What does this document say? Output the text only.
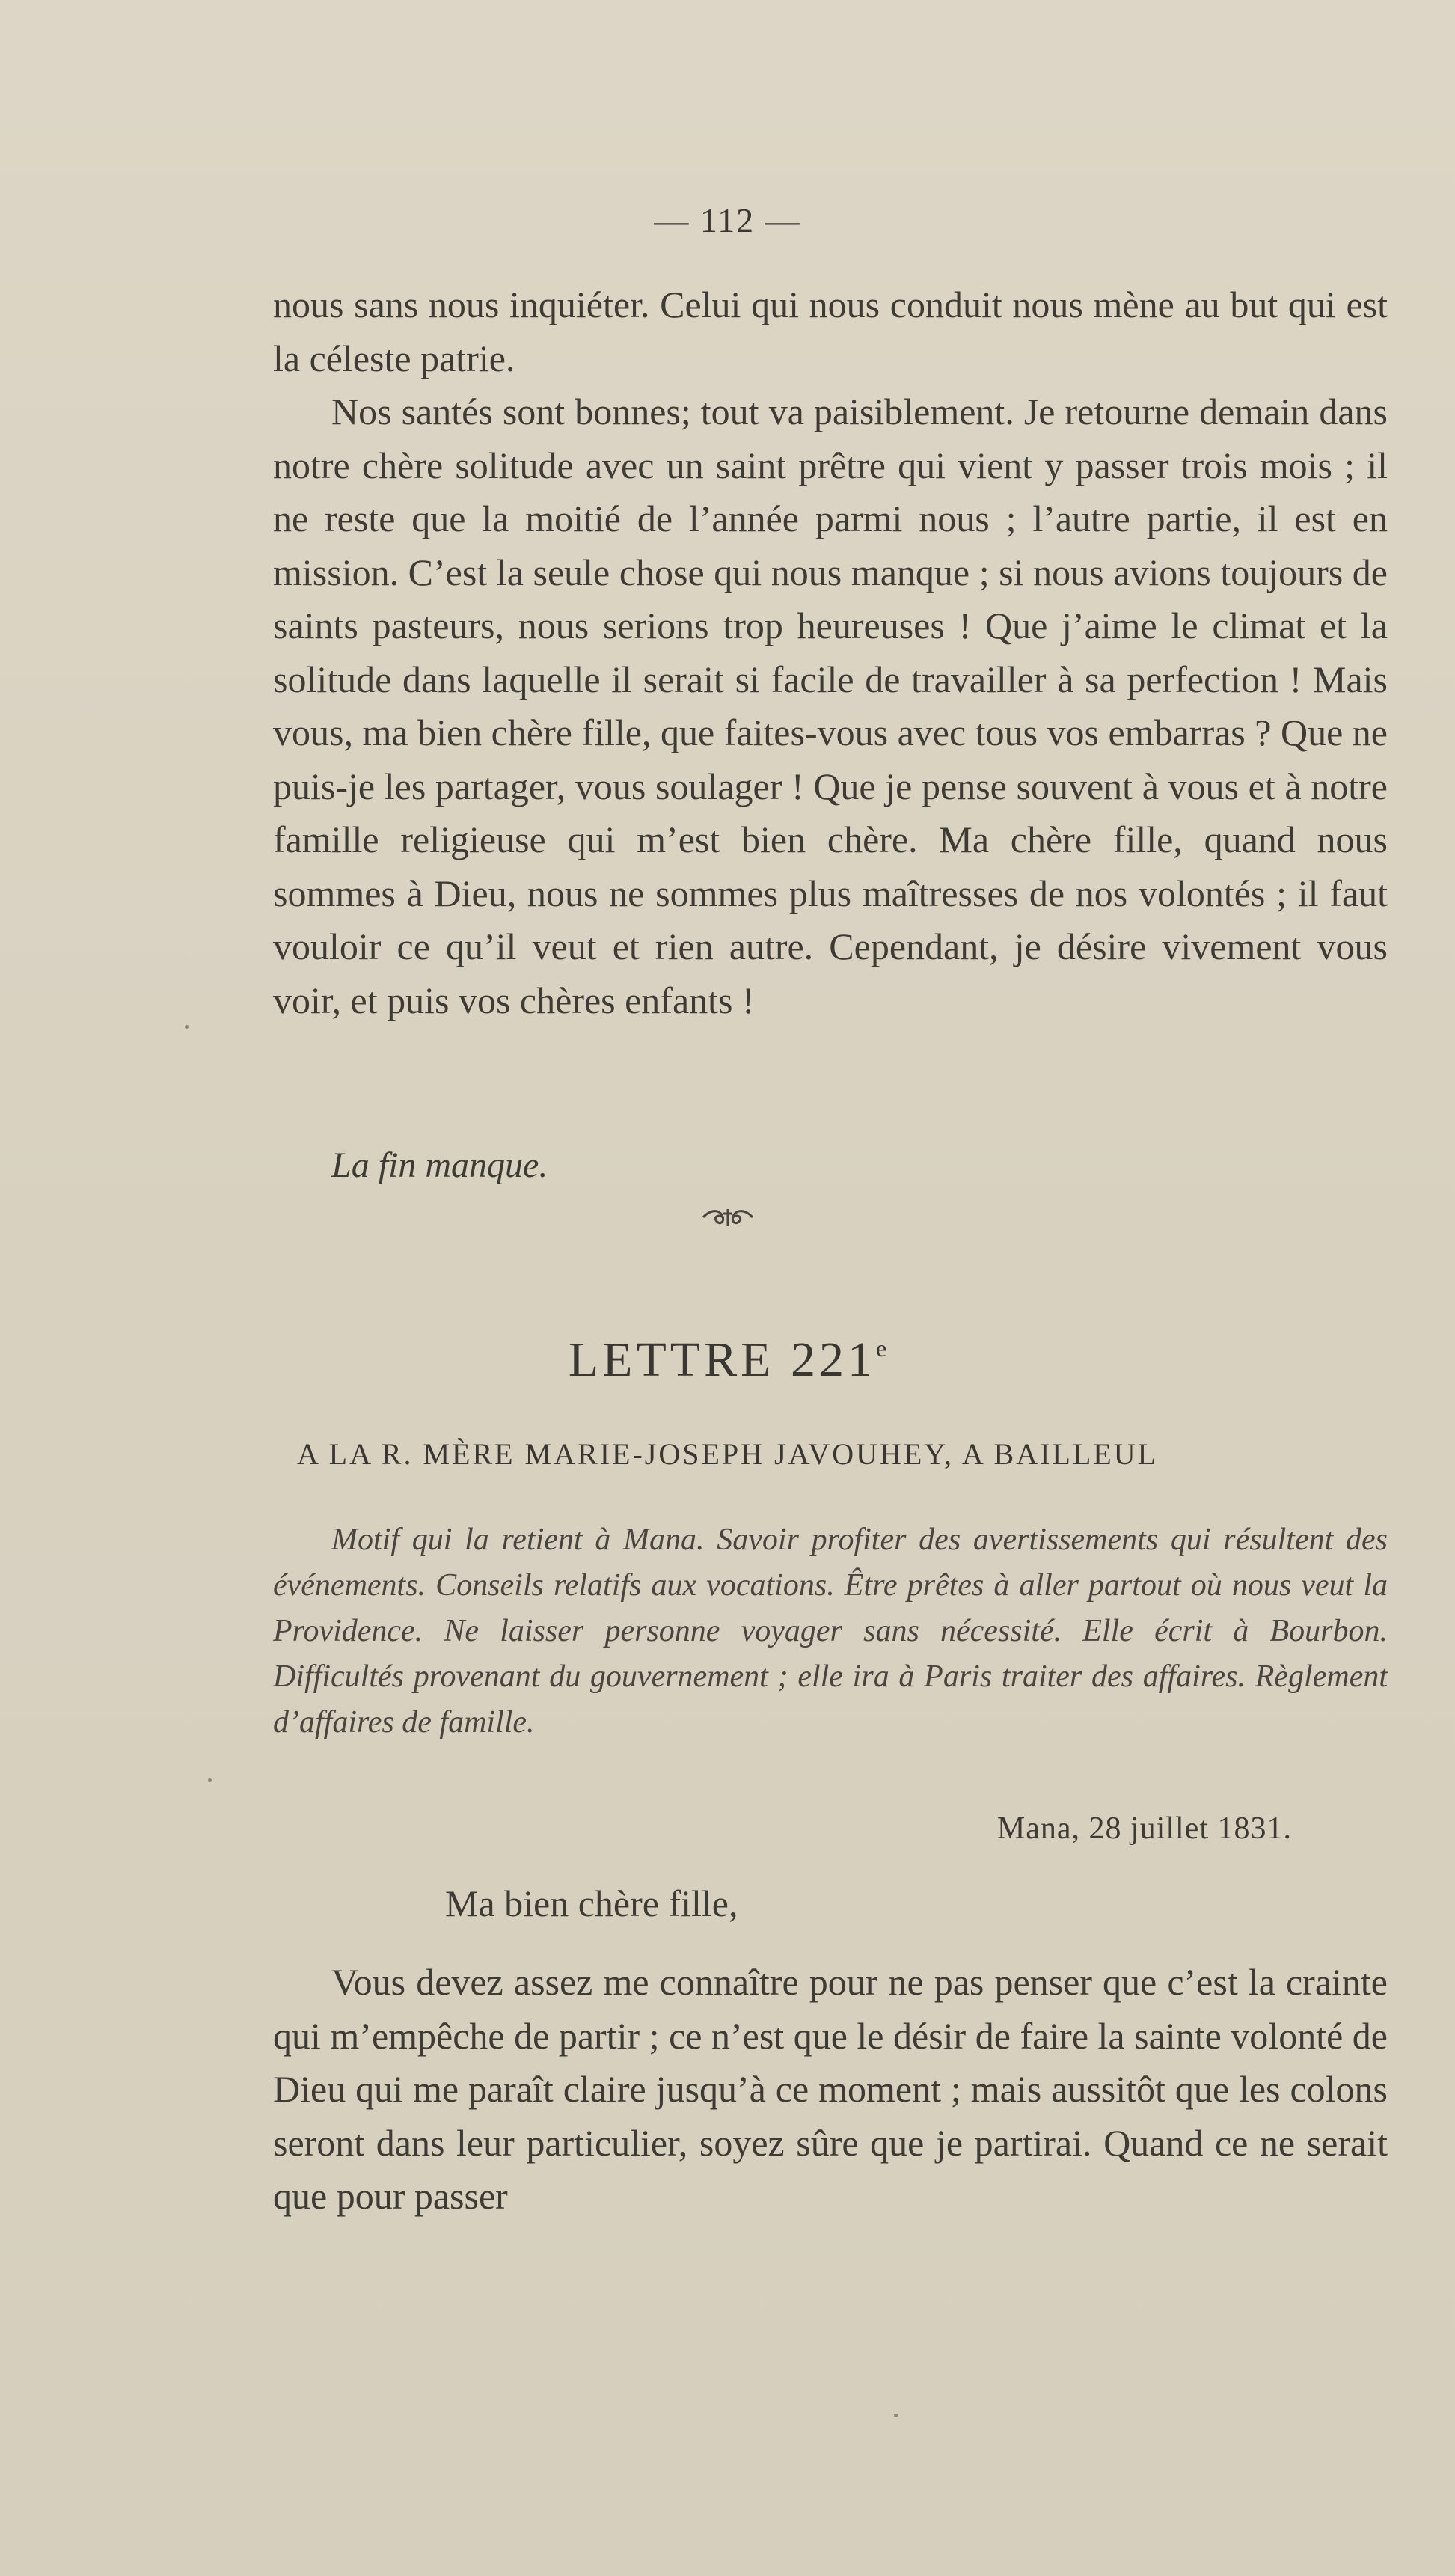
— 112 —

nous sans nous inquiéter. Celui qui nous conduit nous mène au but qui est la céleste patrie.

Nos santés sont bonnes; tout va paisiblement. Je retourne demain dans notre chère solitude avec un saint prêtre qui vient y passer trois mois ; il ne reste que la moitié de l’année parmi nous ; l’autre partie, il est en mission. C’est la seule chose qui nous manque ; si nous avions toujours de saints pasteurs, nous serions trop heureuses ! Que j’aime le climat et la solitude dans laquelle il serait si facile de travailler à sa perfection ! Mais vous, ma bien chère fille, que faites-vous avec tous vos embarras ? Que ne puis-je les partager, vous soulager ! Que je pense souvent à vous et à notre famille religieuse qui m’est bien chère. Ma chère fille, quand nous sommes à Dieu, nous ne sommes plus maîtresses de nos volontés ; il faut vouloir ce qu’il veut et rien autre. Cependant, je désire vivement vous voir, et puis vos chères enfants !

La fin manque.
LETTRE 221e
A LA R. MÈRE MARIE-JOSEPH JAVOUHEY, A BAILLEUL
Motif qui la retient à Mana. Savoir profiter des avertissements qui résultent des événements. Conseils relatifs aux vocations. Être prêtes à aller partout où nous veut la Providence. Ne laisser personne voyager sans nécessité. Elle écrit à Bourbon. Difficultés provenant du gouvernement ; elle ira à Paris traiter des affaires. Règlement d’affaires de famille.
Mana, 28 juillet 1831.
Ma bien chère fille,

Vous devez assez me connaître pour ne pas penser que c’est la crainte qui m’empêche de partir ; ce n’est que le désir de faire la sainte volonté de Dieu qui me paraît claire jusqu’à ce moment ; mais aussitôt que les colons seront dans leur particulier, soyez sûre que je partirai. Quand ce ne serait que pour passer
